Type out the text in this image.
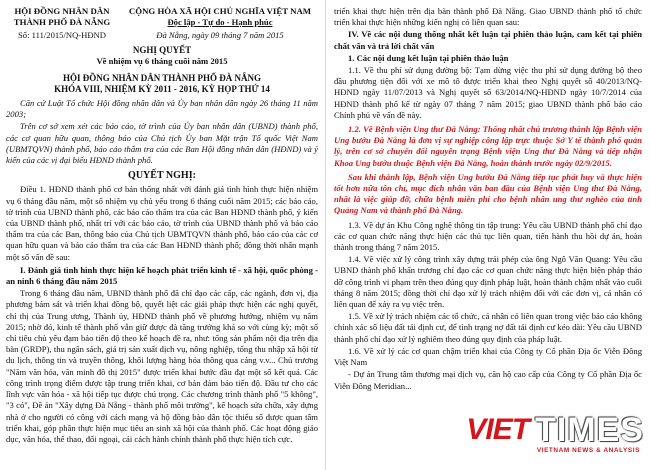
HỘI ĐỒNG NHÂN DÂN
THÀNH PHỐ ĐÀ NẴNG
CỘNG HÒA XÃ HỘI CHỦ NGHĨA VIỆT NAM
Độc lập - Tự do - Hạnh phúc
Số: 111/2015/NQ-HĐND	Đà Nẵng, ngày 09 tháng 7 năm 2015
NGHỊ QUYẾT
Về nhiệm vụ 6 tháng cuối năm 2015
HỘI ĐỒNG NHÂN DÂN THÀNH PHỐ ĐÀ NẴNG
KHÓA VIII, NHIỆM KỲ 2011 - 2016, KỲ HỌP THỨ 14

Căn cứ Luật Tổ chức Hội đồng nhân dân và Ủy ban nhân dân ngày 26 tháng 11 năm 2003;

Trên cơ sở xem xét các báo cáo, tờ trình của Ủy ban nhân dân (UBND) thành phố, các cơ quan hữu quan, thông báo của Chủ tịch Ủy ban Mặt trận Tổ quốc Việt Nam (UBMTQVN) thành phố, báo cáo thẩm tra của các Ban Hội đồng nhân dân (HĐND) và ý kiến của các vị đại biểu HĐND thành phố.

QUYẾT NGHỊ:

Điều 1. HĐND thành phố cơ bản thống nhất với đánh giá tình hình thực hiện nhiệm vụ 6 tháng đầu năm, một số nhiệm vụ chủ yếu trong 6 tháng cuối năm 2015; các báo cáo, tờ trình của UBND thành phố, các báo cáo thẩm tra của các Ban HĐND thành phố, ý kiến của UBND thành phố, nhất trí với các báo cáo, tờ trình của UBND thành phố và báo cáo thẩm tra của các Ban, thông báo của Chủ tịch UBMTQVN thành phố, báo cáo của các cơ quan hữu quan và báo cáo thẩm tra của các Ban HĐND thành phố; đồng thời nhấn mạnh một số vấn đề sau:

I. Đánh giá tình hình thực hiện kế hoạch phát triển kinh tế - xã hội, quốc phòng - an ninh 6 tháng đầu năm 2015

Trong 6 tháng đầu năm, UBND thành phố đã chỉ đạo các cấp, các ngành, đơn vị, địa phương bám sát và triển khai đồng bộ, quyết liệt các giải pháp thực hiện các nghị quyết, chỉ thị của Trung ương, Thành ủy, HĐND thành phố về phương hướng, nhiệm vụ năm 2015; nhờ đó, kinh tế thành phố vẫn giữ được đà tăng trưởng khá so với cùng kỳ; một số chỉ tiêu chủ yếu đạm bảo tiến độ theo kế hoạch đề ra, như: tổng sản phẩm nội địa trên địa bàn (GRDP), thu ngân sách, giá trị sản xuất dịch vụ, nông nghiệp, tổng thu nhập xã hội từ du lịch, thông tin và truyền thông, khối lượng hàng hóa thông qua cảng v.v... Chủ trương "Năm văn hóa, văn minh đô thị 2015" được triển khai bước đầu đạt một số kết quả. Các công trình trọng điểm được tập trung triển khai, cơ bản đảm bảo tiến độ. Đầu tư cho các lĩnh vực văn hóa - xã hội tiếp tục được chú trọng. Các chương trình thành phố "5 không", "3 có", Đề án "Xây dựng Đà Nẵng - thành phố môi trường", kế hoạch sửa chữa, xây dựng nhà ở cho người có công với cách mạng và hộ đồng bào dân tộc thiểu số được quan tâm triển khai, góp phần thực hiện mục tiêu an sinh xã hội của thành phố. Các hoạt động giáo dục, văn hóa, thể thao, đối ngoại, cải cách hành chính thành phố thực hiện tích cực.

triển khai thực hiện trên địa bàn thành phố Đà Nẵng. Giao UBND thành phố tổ chức triển khai thực hiện những kiến nghị có liên quan sau:

IV. Về các nội dung thống nhất kết luận tại phiên thảo luận, cam kết tại phiên chất vấn và trả lời chất vấn

1. Các nội dung kết luận tại phiên thảo luận

1.1. Về thu phí sử dụng đường bộ: Tạm dừng việc thu phí sử dụng đường bộ theo đầu phương tiện đối với xe mô tô được triển khai theo Nghị quyết số 40/2013/NQ-HĐND ngày 11/07/2013 và Nghị quyết số 63/2014/NQ-HĐND ngày 10/7/2014 của HĐND thành phố kể từ ngày 07 tháng 7 năm 2015; giao UBND thành phố báo cáo Chính phủ về vấn đề này.

1.2. Về Bệnh viện Ung thư Đà Nẵng: Thống nhất chủ trương thành lập Bệnh viện Ung bướu Đà Nẵng là đơn vị sự nghiệp công lập trực thuộc Sở Y tế thành phố quản lý, trên cơ sở chuyển đổi nguyên trạng Bệnh viện Ung thư Đà Nẵng và tiếp nhận Khoa Ung bướu thuộc Bệnh viện Đà Nẵng, hoàn thành trước ngày 02/9/2015.

Sau khi thành lập, Bệnh viện Ung bướu Đà Nẵng tiếp tục phát huy và thực hiện tốt hơn nữa tôn chỉ, mục đích nhân văn ban đầu của Bệnh viện Ung thư Đà Nẵng, nhất là việc giúp đỡ, chữa bệnh miễn phí cho bệnh nhân ung thư nghèo của tỉnh Quảng Nam và thành phố Đà Nẵng.

1.3. Về dự án Khu Công nghệ thông tin tập trung: Yêu cầu UBND thành phố chỉ đạo các cơ quan chức năng thực hiện các thủ tục liên quan, tiến hành thu hồi dự án, hoàn thành trong tháng 7 năm 2015.

1.4. Về việc xử lý công trình xây dựng trái phép của ông Ngô Văn Quang: Yêu cầu UBND thành phố khẩn trương chỉ đạo các cơ quan chức năng thực hiện biện pháp tháo dỡ công trình vi phạm trên theo đúng quy định pháp luật, hoàn thành chậm nhất vào cuối tháng 8 năm 2015; đồng thời chỉ đạo xử lý trách nhiệm đối với các đơn vị, cá nhân có liên quan để xảy ra vụ việc trên.

1.5. Về xử lý trách nhiệm các tổ chức, cá nhân có liên quan trong việc báo cáo không chính xác số liệu đất tái định cư, để tình trạng nợ đất tái định cư kéo dài: Yêu cầu UBND thành phố chỉ đạo xử lý nghiêm theo đúng quy định của pháp luật.

1.6. Về xử lý các cơ quan chậm triển khai của Công ty Cổ phần Địa ốc Viễn Đông Việt Nam

- Dự án Trung tâm thương mại dịch vụ, căn hộ cao cấp của Công ty Cổ phần Địa ốc Viễn Đông Meridian...

VIET TIMES
VIETNAM NEWS & ANALYSIS
